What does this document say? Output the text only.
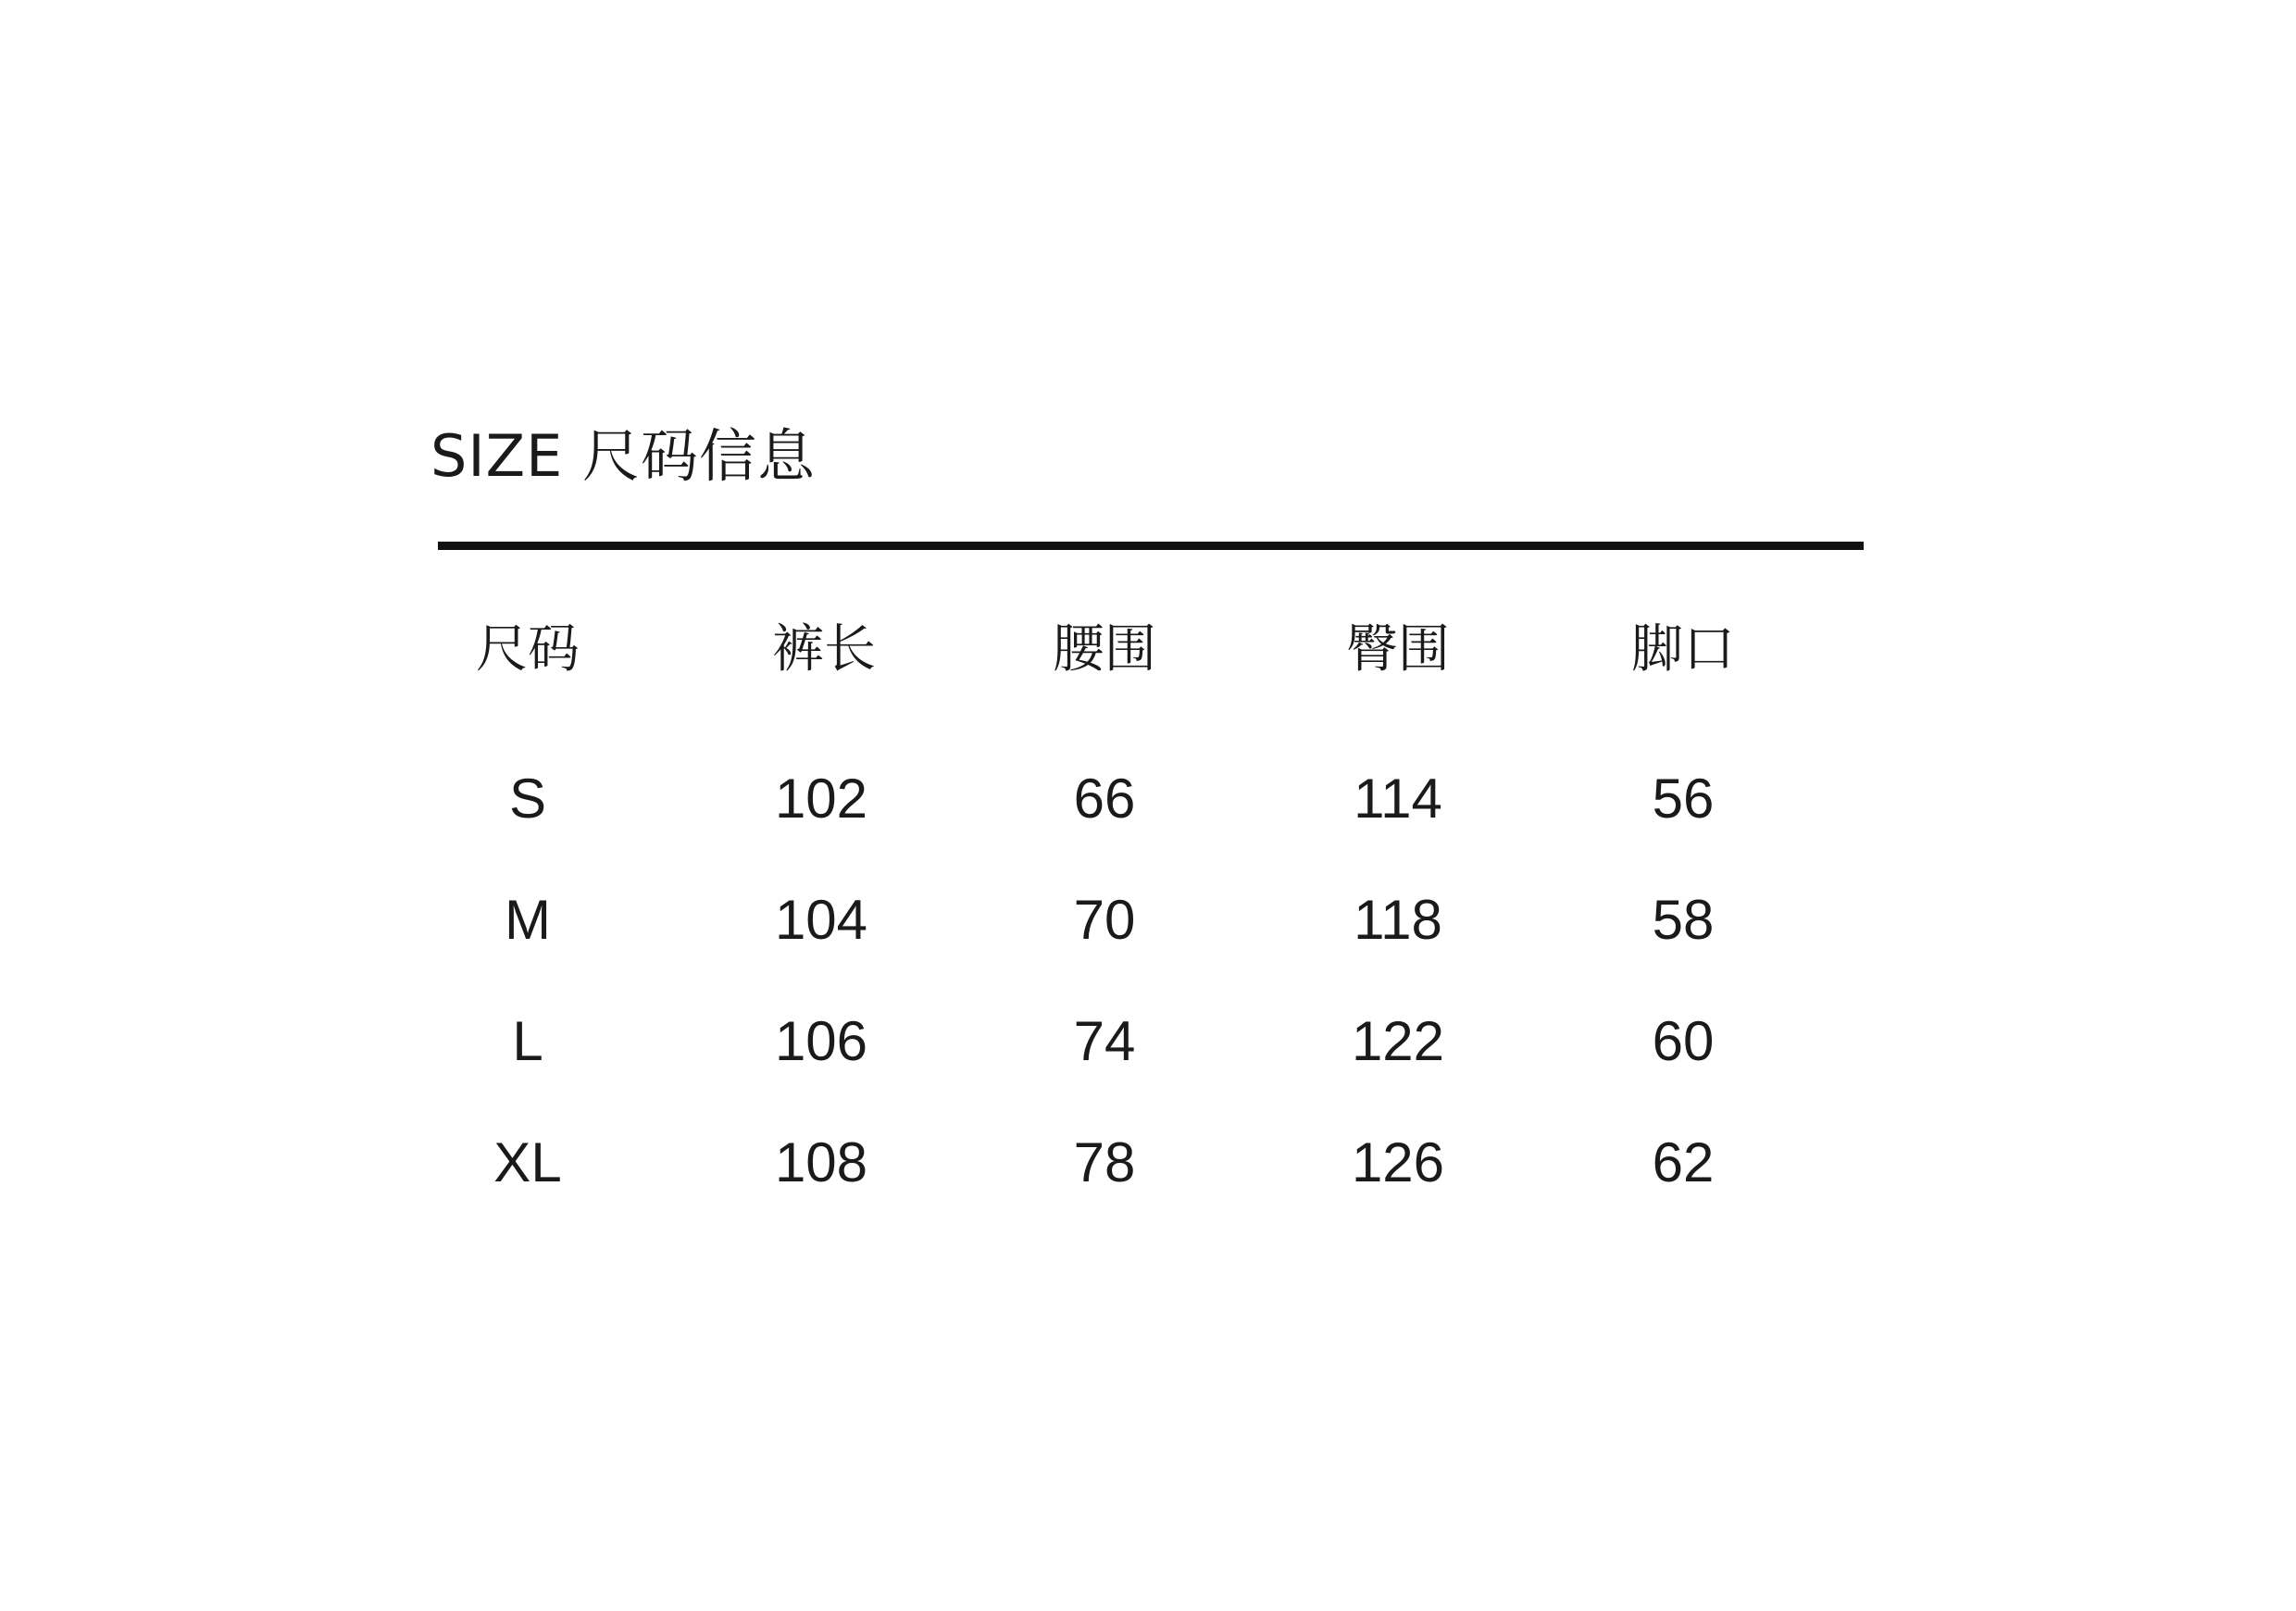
SIZE 尺码信息
尺码	裤长	腰围	臀围	脚口
S	102	66	114	56
M	104	70	118	58
L	106	74	122	60
XL	108	78	126	62
